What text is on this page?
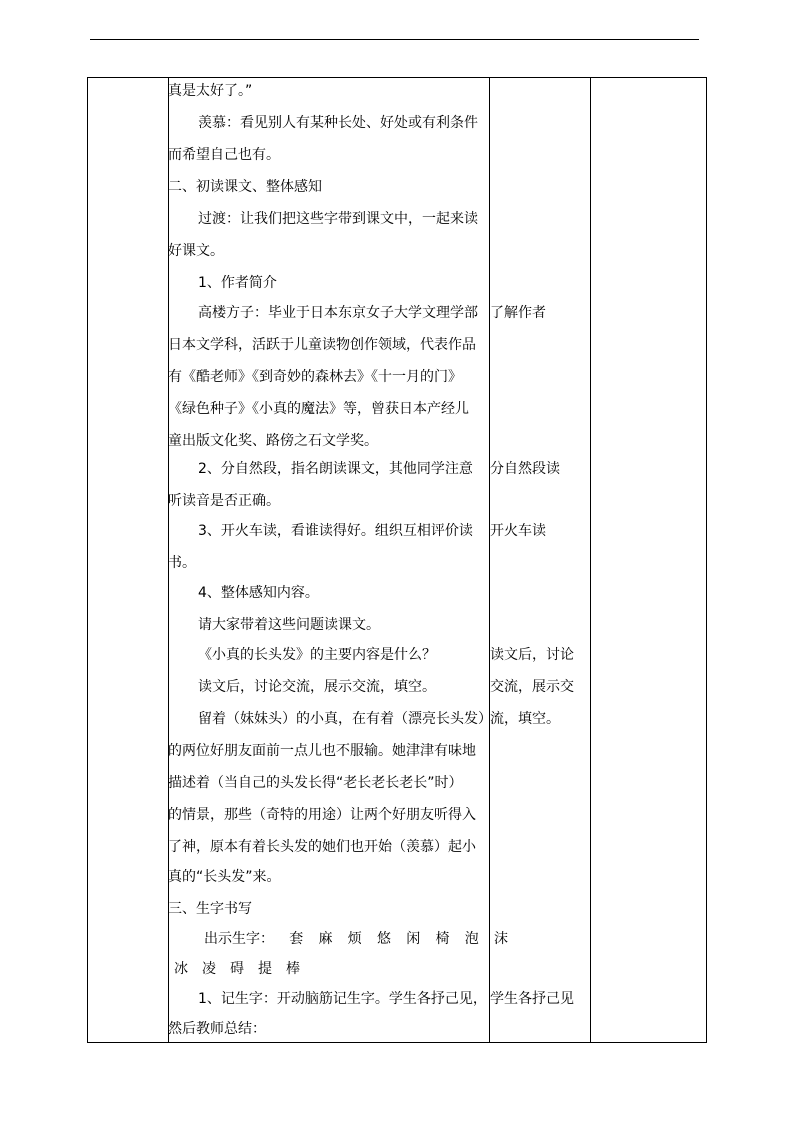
真是太好了。”
羡慕：看见别人有某种长处、好处或有利条件
而希望自己也有。
二、初读课文、整体感知
过渡：让我们把这些字带到课文中，一起来读
好课文。
1、作者简介
高楼方子：毕业于日本东京女子大学文理学部
日本文学科，活跃于儿童读物创作领域，代表作品
有《酷老师》《到奇妙的森林去》《十一月的门》
《绿色种子》《小真的魔法》等，曾获日本产经儿
童出版文化奖、路傍之石文学奖。
2、分自然段，指名朗读课文，其他同学注意
听读音是否正确。
3、开火车读，看谁读得好。组织互相评价读
书。
4、整体感知内容。
请大家带着这些问题读课文。
《小真的长头发》的主要内容是什么？
读文后，讨论交流，展示交流，填空。
留着（妹妹头）的小真，在有着（漂亮长头发）
的两位好朋友面前一点儿也不服输。她津津有味地
描述着（当自己的头发长得“老长老长老长”时）
的情景，那些（奇特的用途）让两个好朋友听得入
了神，原本有着长头发的她们也开始（羡慕）起小
真的“长头发”来。
三、生字书写
出示生字： 套 麻 烦 悠 闲 椅 泡 沫
冰 凌 碍 提 棒
1、记生字：开动脑筋记生字。学生各抒己见，
然后教师总结：
了解作者
分自然段读
开火车读
读文后，讨论
交流，展示交
流，填空。
学生各抒己见
